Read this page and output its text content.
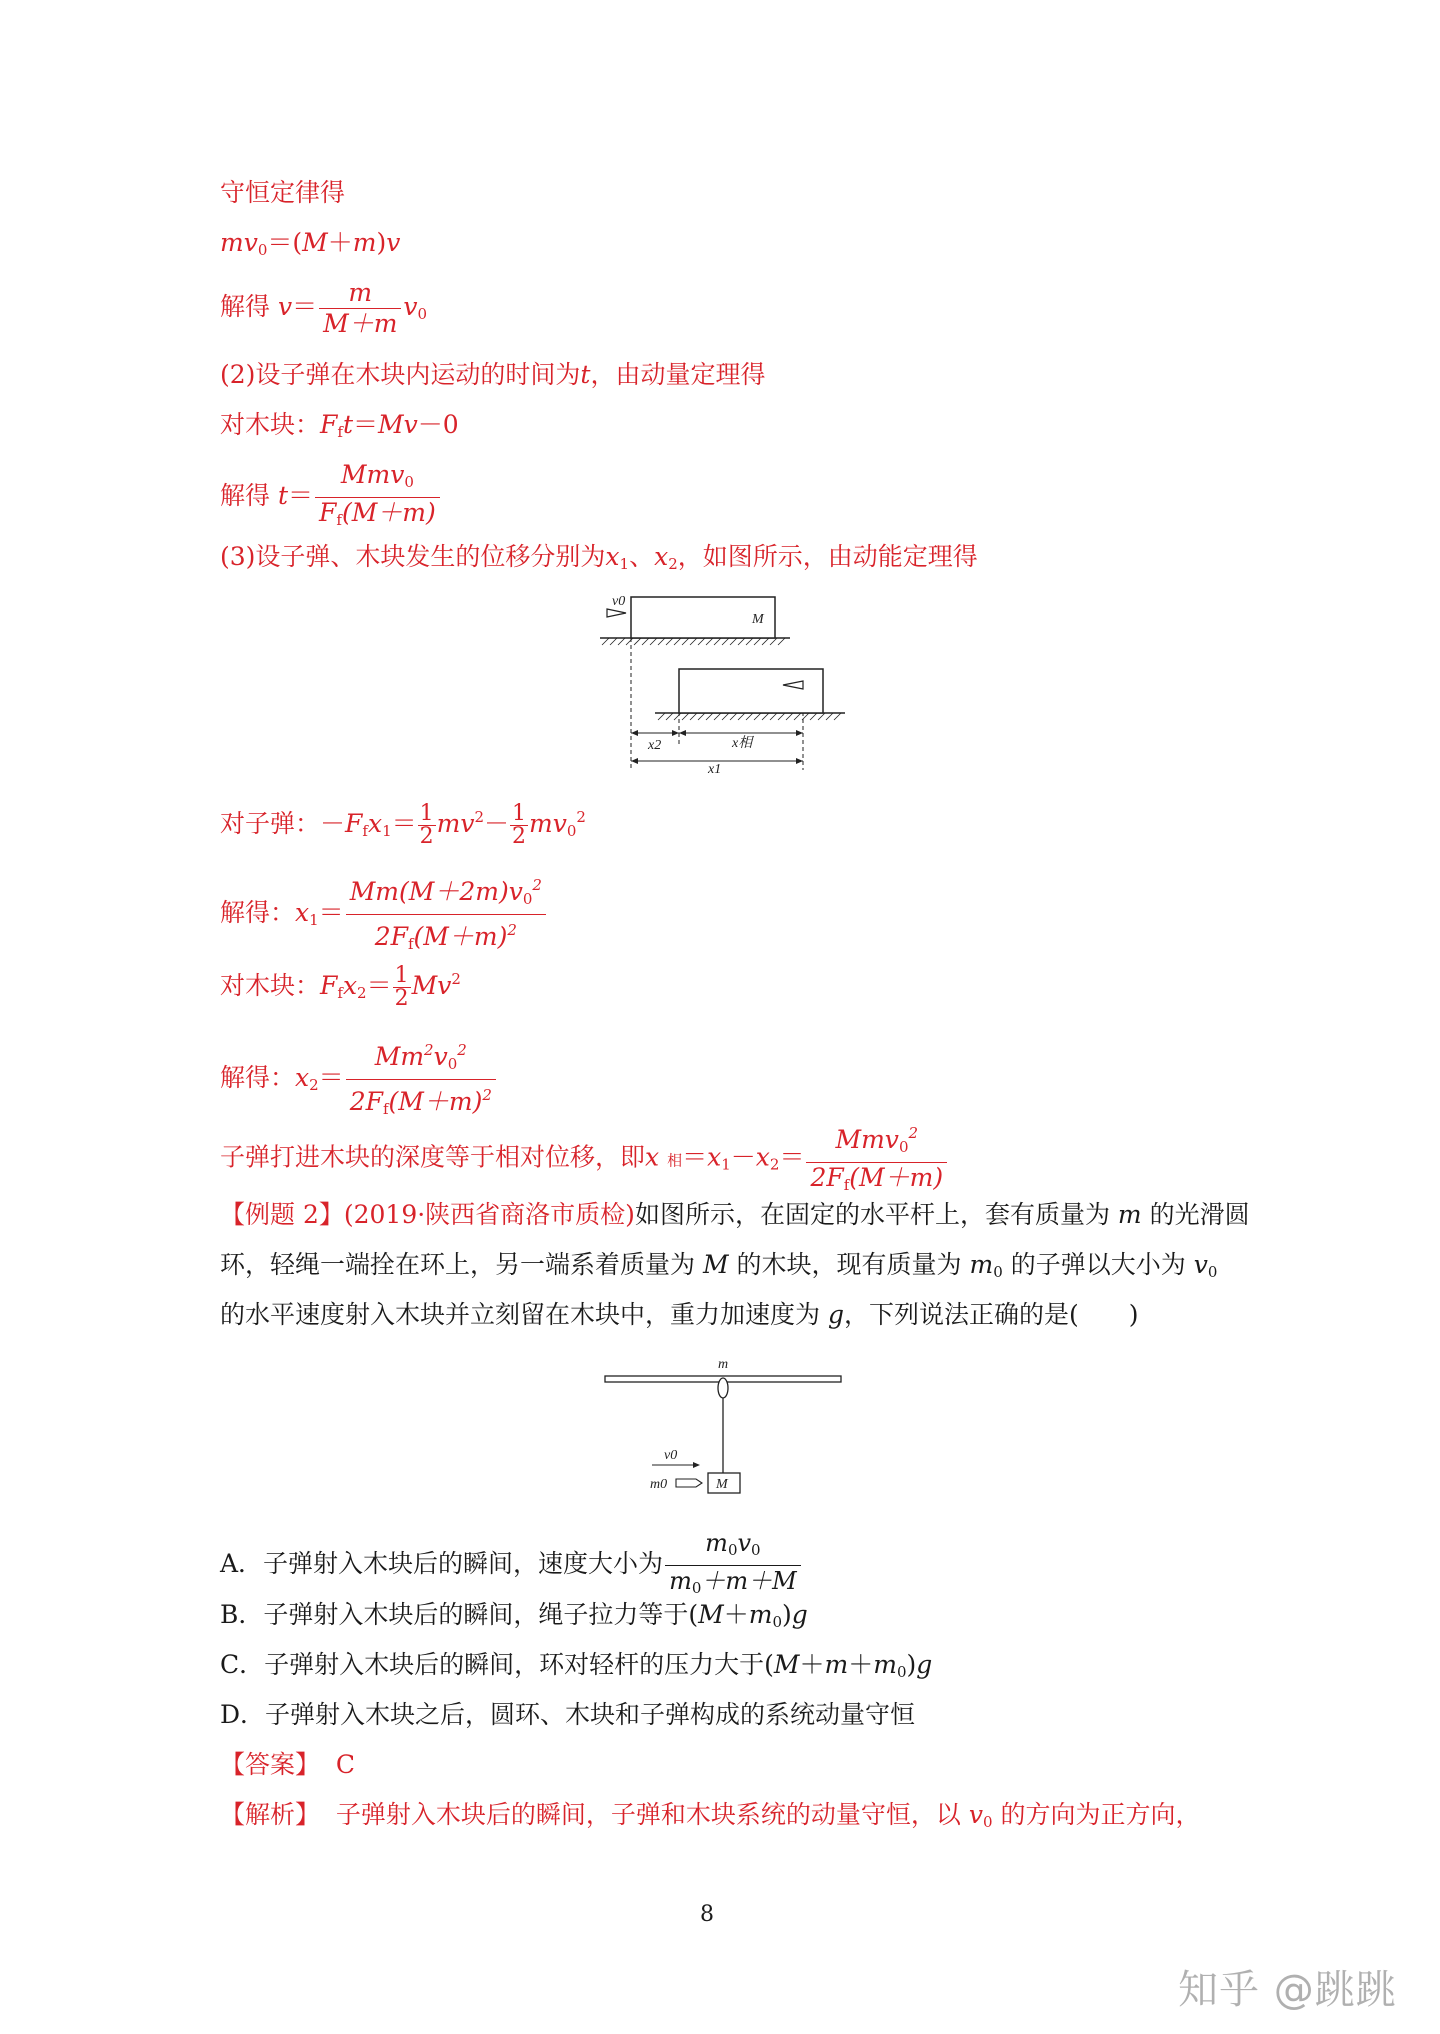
守恒定律得
$mv_0=(M+m)v$
解得 $v= \frac{m}{M+m} v_0$
(2)设子弹在木块内运动的时间为t，由动量定理得
对木块：$F_ft=Mv-0$
解得 $t= \frac{Mmv_0}{F_f(M+m)}$
(3)设子弹、木块发生的位移分别为$x_1$、$x_2$，如图所示，由动能定理得
v0
M
x2	x相
x1
对子弹：$-F_fx_1= \frac{1}{2} mv^2- \frac{1}{2} mv_0^2$
解得：$x_1= \frac{Mm(M+2m)v_0^2}{2F_f(M+m)^2}$
对木块：$F_fx_2= \frac{1}{2} Mv^2$
解得：$x_2= \frac{Mm^2v_0^2}{2F_f(M+m)^2}$
子弹打进木块的深度等于相对位移，即x 相$=x_1-x_2= \frac{Mmv_0^2}{2F_f(M+m)}$
【例题 2】(2019·陕西省商洛市质检)如图所示，在固定的水平杆上，套有质量为 m 的光滑圆
环，轻绳一端拴在环上，另一端系着质量为 M 的木块，现有质量为 $m_0$ 的子弹以大小为 $v_0$
的水平速度射入木块并立刻留在木块中，重力加速度为 g，下列说法正确的是(　　)
m
M
v0
m0
A．子弹射入木块后的瞬间，速度大小为 $\frac{m_0v_0}{m_0+m+M}$
B．子弹射入木块后的瞬间，绳子拉力等于$(M+m_0)g$
C．子弹射入木块后的瞬间，环对轻杆的压力大于$(M+m+m_0)g$
D．子弹射入木块之后，圆环、木块和子弹构成的系统动量守恒
【答案】 C
【解析】 子弹射入木块后的瞬间，子弹和木块系统的动量守恒，以 $v_0$ 的方向为正方向，
8
知乎 @跳跳
